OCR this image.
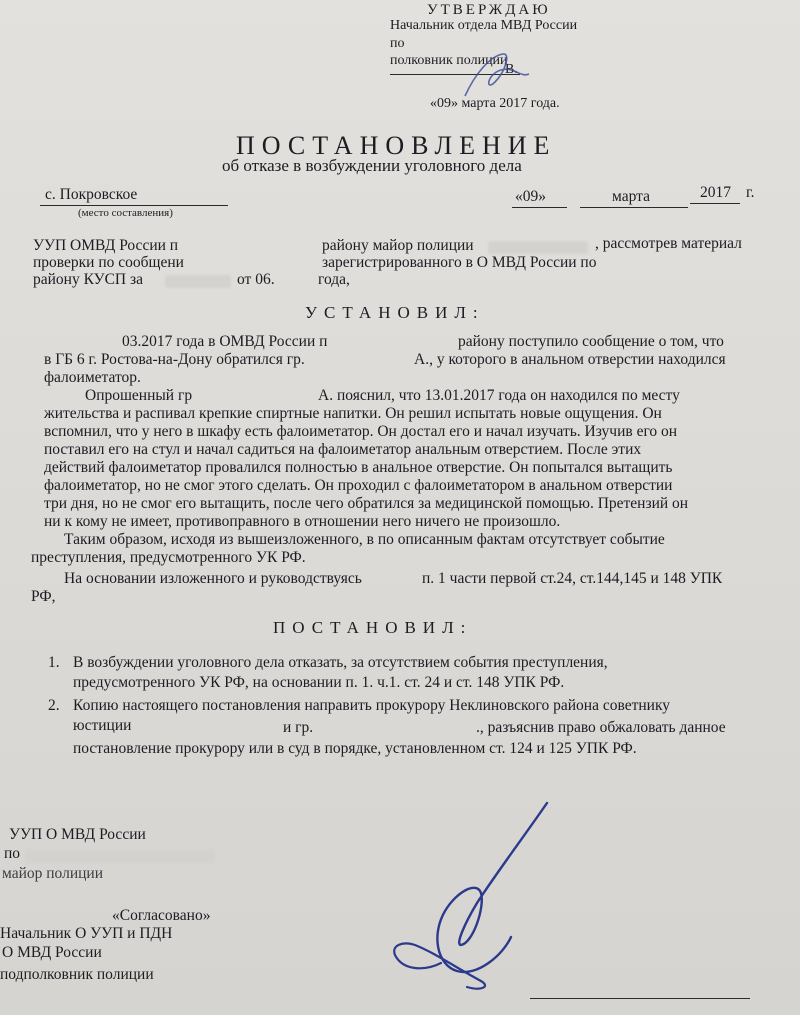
УТВЕРЖДАЮ
Начальник отдела МВД России
по
полковник полиции
В.
«09» марта 2017 года.
ПОСТАНОВЛЕНИЕ
об отказе в возбуждении уголовного дела
с. Покровское
(место составления)
«09»	марта	2017 г.
УУП ОМВД России п	району майор полиции	, рассмотрев материал
проверки по сообщени	зарегистрированного в О МВД России по
району КУСП за	от 06.	года,
УСТАНОВИЛ:
03.2017 года в ОМВД России п	району поступило сообщение о том, что
в ГБ 6 г. Ростова-на-Дону обратился гр.	А., у которого в анальном отверстии находился
фалоиметатор.
Опрошенный гр	А. пояснил, что 13.01.2017 года он находился по месту
жительства и распивал крепкие спиртные напитки. Он решил испытать новые ощущения. Он
вспомнил, что у него в шкафу есть фалоиметатор. Он достал его и начал изучать. Изучив его он
поставил его на стул и начал садиться на фалоиметатор анальным отверстием. После этих
действий фалоиметатор провалился полностью в анальное отверстие. Он попытался вытащить
фалоиметатор, но не смог этого сделать. Он проходил с фалоиметатором в анальном отверстии
три дня, но не смог его вытащить, после чего обратился за медицинской помощью. Претензий он
ни к кому не имеет, противоправного в отношении него ничего не произошло.
Таким образом, исходя из вышеизложенного, в по описанным фактам отсутствует событие
преступления, предусмотренного УК РФ.
На основании изложенного и руководствуясь	п. 1 части первой ст.24, ст.144,145 и 148 УПК
РФ,
ПОСТАНОВИЛ:
1. В возбуждении уголовного дела отказать, за отсутствием события преступления,
предусмотренного УК РФ, на основании п. 1. ч.1. ст. 24 и ст. 148 УПК РФ.
2. Копию настоящего постановления направить прокурору Неклиновского района советнику
юстиции	и гр.	., разъяснив право обжаловать данное
постановление прокурору или в суд в порядке, установленном ст. 124 и 125 УПК РФ.
УУП О МВД России
по
майор полиции
«Согласовано»
Начальник О УУП и ПДН
О МВД России
подполковник полиции
